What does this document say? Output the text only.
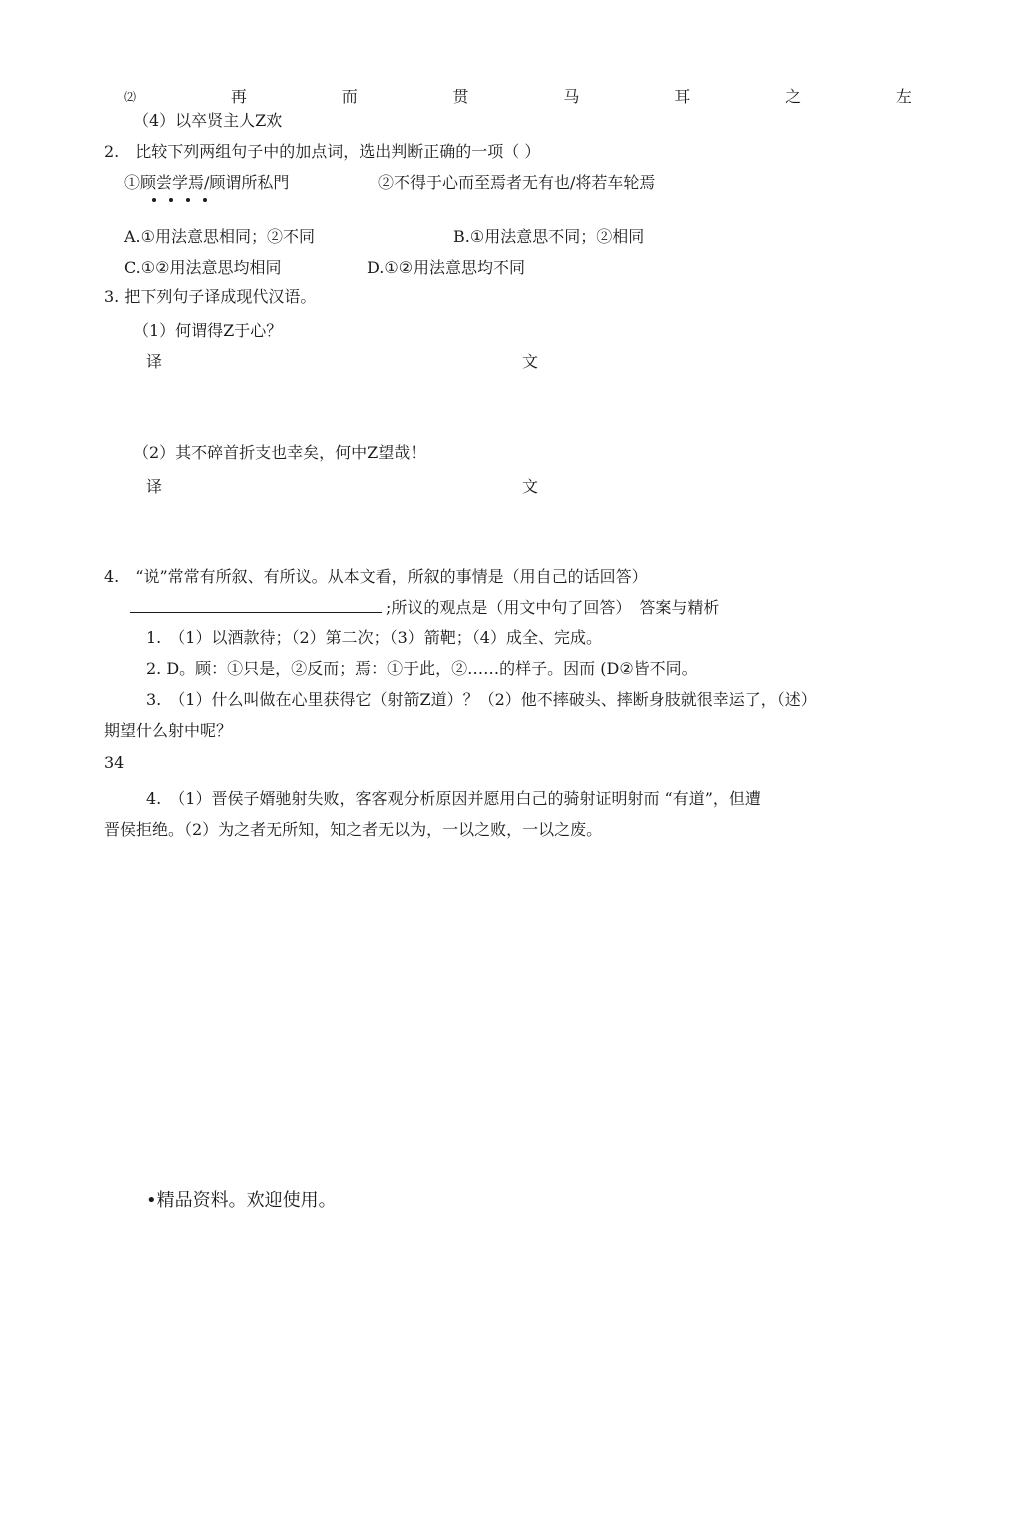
⑵	再	而	贯	马	耳	之	左
（4）以卒贤主人Z欢
2.　比较下列两组句子中的加点词，选出判断正确的一项（ ）
①顾尝学焉/顾谓所私門	②不得于心而至焉者无有也/将若车轮焉
A.①用法意思相同；②不同	B.①用法意思不同；②相同
C.①②用法意思均相同	D.①②用法意思均不同
3. 把下列句子译成现代汉语。
（1）何谓得Z于心？
译	文
（2）其不碎首折支也幸矣，何中Z望哉！
译	文
4.　“说”常常有所叙、有所议。从本文看，所叙的事情是（用自己的话回答）
;所议的观点是（用文中句了回答）　答案与精析
1.　（1）以酒款待；（2）第二次；（3）箭靶；（4）成全、完成。
2. D。顾：①只是，②反而；焉：①于此，②……的样子。因而 (D②皆不同。
3.　（1）什么叫做在心里获得它（射箭Z道）？（2）他不摔破头、摔断身肢就很幸运了，（述）
期望什么射中呢？
34
4.　（1）晋侯子婿驰射失败，客客观分析原因并愿用白己的骑射证明射而 “有道”，但遭
晋侯拒绝。（2）为之者无所知，知之者无以为，一以之败，一以之废。
•精品资料。欢迎使用。
